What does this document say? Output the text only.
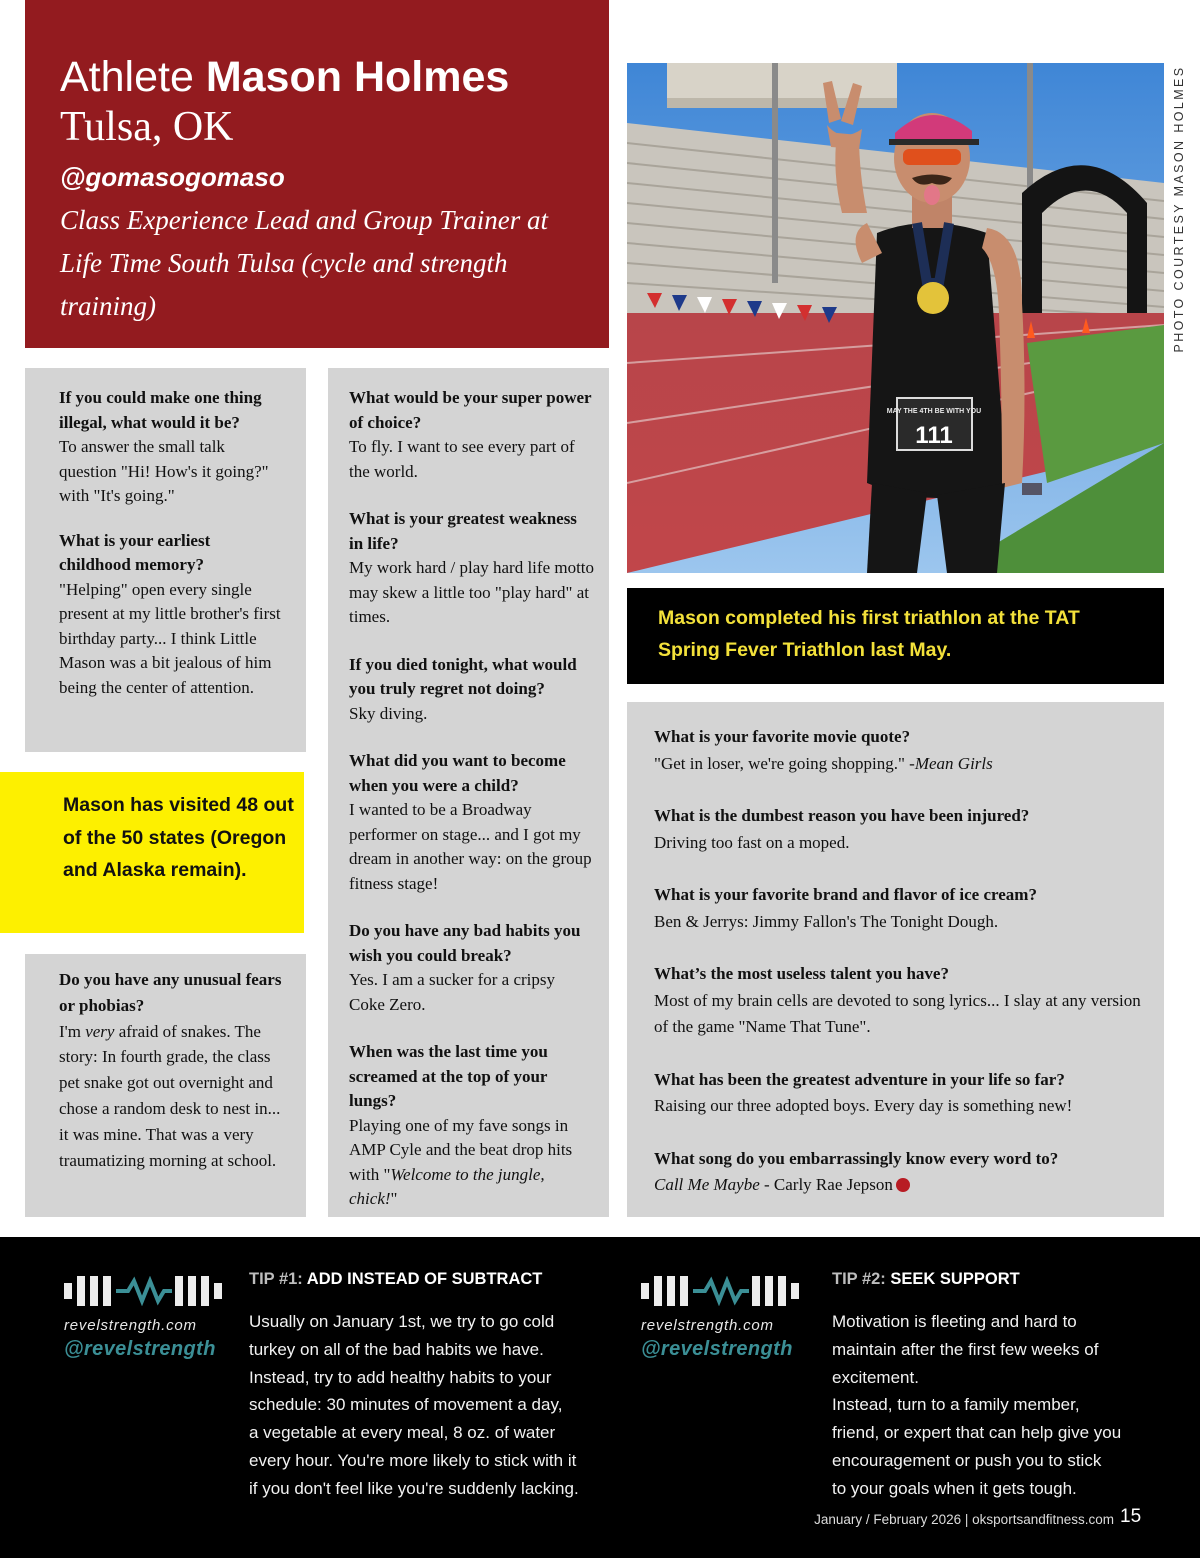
Athlete Mason Holmes
Tulsa, OK
@gomasogomaso
Class Experience Lead and Group Trainer at Life Time South Tulsa (cycle and strength training)
MAY THE 4TH BE WITH YOU
111
PHOTO COURTESY MASON HOLMES
Mason completed his first triathlon at the TAT Spring Fever Triathlon last May.
If you could make one thing illegal, what would it be?
To answer the small talk question "Hi! How's it going?" with "It's going."
What is your earliest childhood memory?
"Helping" open every single present at my little brother's first birthday party... I think Little Mason was a bit jealous of him being the center of attention.
Mason has visited 48 out of the 50 states (Oregon and Alaska remain).
Do you have any unusual fears or phobias?
I'm very afraid of snakes. The story: In fourth grade, the class pet snake got out overnight and chose a random desk to nest in... it was mine. That was a very traumatizing morning at school.
What would be your super power of choice?
To fly. I want to see every part of the world.
What is your greatest weakness in life?
My work hard / play hard life motto may skew a little too "play hard" at times.
If you died tonight, what would you truly regret not doing?
Sky diving.
What did you want to become when you were a child?
I wanted to be a Broadway performer on stage... and I got my dream in another way: on the group fitness stage!
Do you have any bad habits you wish you could break?
Yes. I am a sucker for a cripsy Coke Zero.
When was the last time you screamed at the top of your lungs?
Playing one of my fave songs in AMP Cyle and the beat drop hits with "Welcome to the jungle, chick!"
What is your favorite movie quote?
"Get in loser, we're going shopping." -Mean Girls
What is the dumbest reason you have been injured?
Driving too fast on a moped.
What is your favorite brand and flavor of ice cream?
Ben & Jerrys: Jimmy Fallon's The Tonight Dough.
What’s the most useless talent you have?
Most of my brain cells are devoted to song lyrics... I slay at any version of the game "Name That Tune".
What has been the greatest adventure in your life so far?
Raising our three adopted boys. Every day is something new!
What song do you embarrassingly know every word to?
Call Me Maybe - Carly Rae Jepson
revelstrength.com
@revelstrength
TIP #1: ADD INSTEAD OF SUBTRACT
Usually on January 1st, we try to go cold
turkey on all of the bad habits we have.
Instead, try to add healthy habits to your
schedule: 30 minutes of movement a day,
a vegetable at every meal, 8 oz. of water
every hour. You're more likely to stick with it
if you don't feel like you're suddenly lacking.
revelstrength.com
@revelstrength
TIP #2: SEEK SUPPORT
Motivation is fleeting and hard to
maintain after the first few weeks of
excitement.
Instead, turn to a family member,
friend, or expert that can help give you
encouragement or push you to stick
to your goals when it gets tough.
January / February 2026 | oksportsandfitness.com 15
